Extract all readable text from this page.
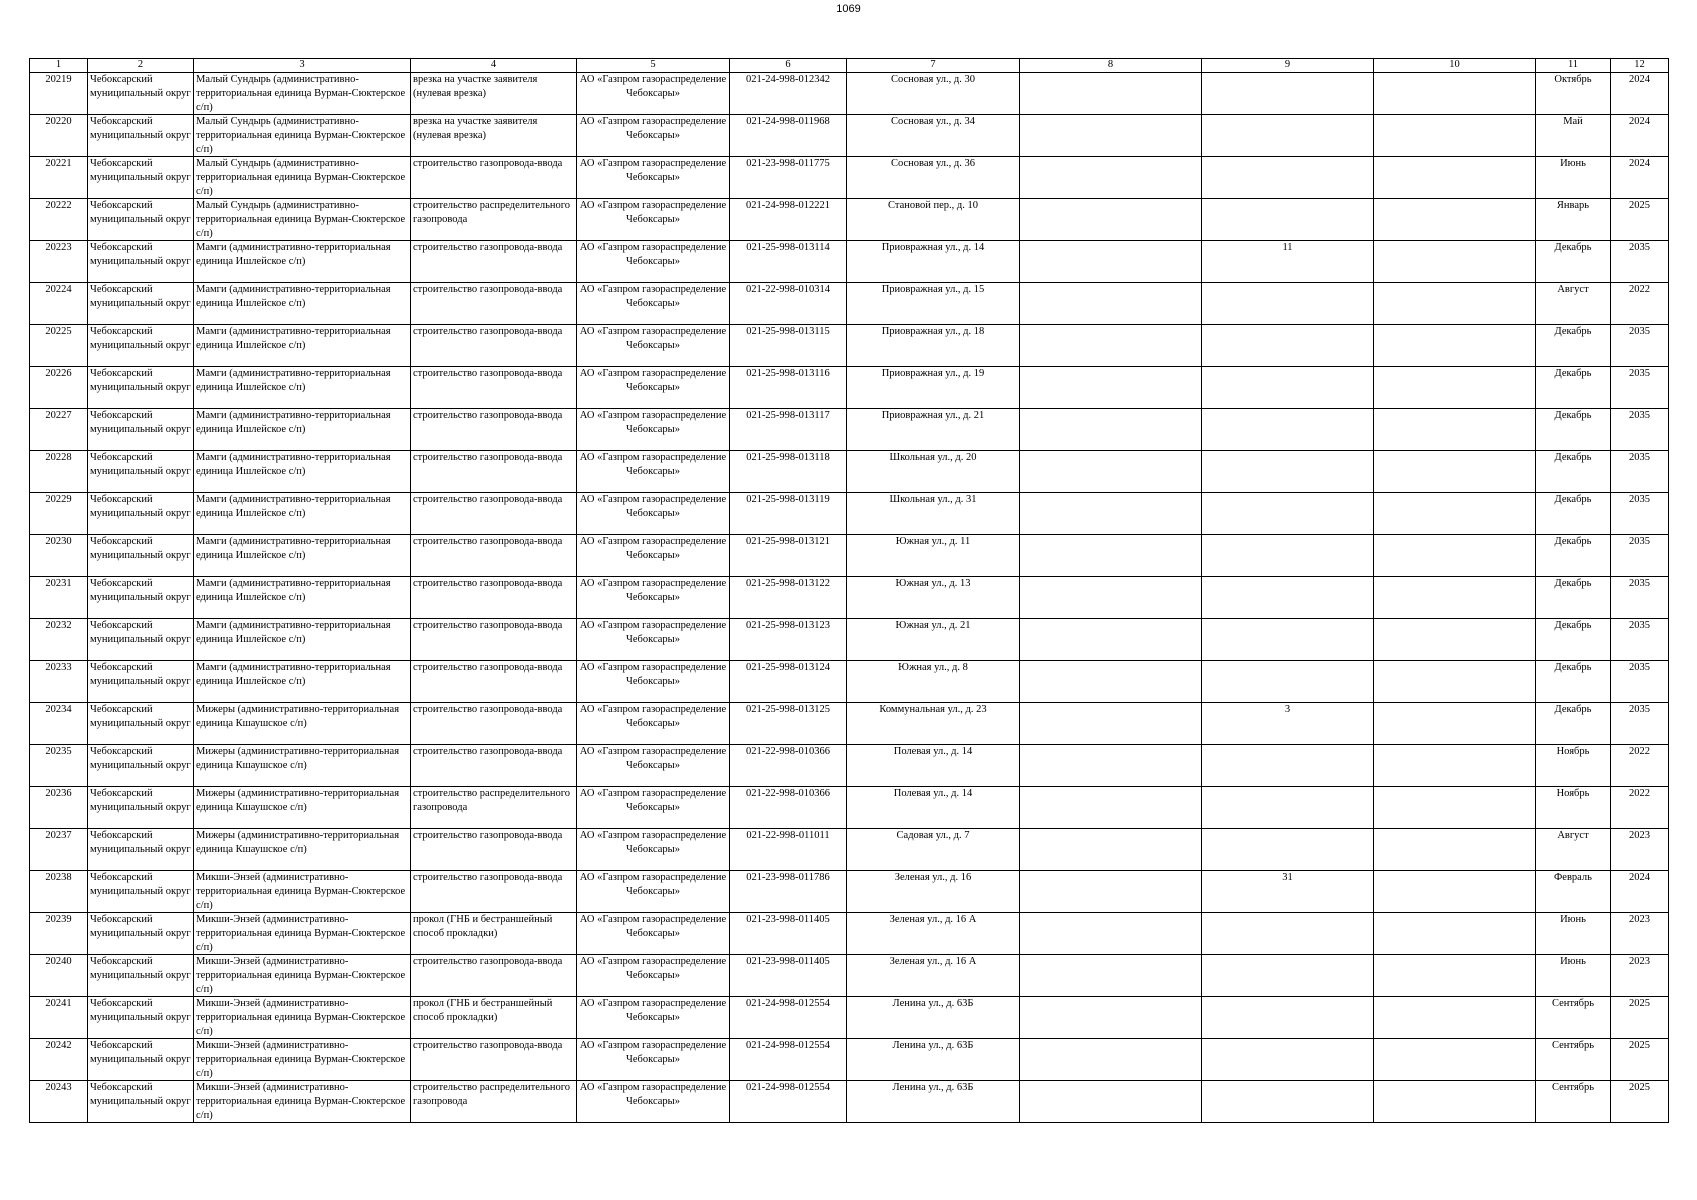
1069
1	2	3	4	5	6	7	8	9	10	11	12

20219	Чебоксарский муниципальный округ	Малый Сундырь (административно-территориальная единица Вурман-Сюктерское с/п)	врезка на участке заявителя (нулевая врезка)	АО «Газпром газораспределение Чебоксары»	021-24-998-012342	Сосновая ул., д. 30				Октябрь	2024

20220	Чебоксарский муниципальный округ	Малый Сундырь (административно-территориальная единица Вурман-Сюктерское с/п)	врезка на участке заявителя (нулевая врезка)	АО «Газпром газораспределение Чебоксары»	021-24-998-011968	Сосновая ул., д. 34				Май	2024

20221	Чебоксарский муниципальный округ	Малый Сундырь (административно-территориальная единица Вурман-Сюктерское с/п)	строительство газопровода-ввода	АО «Газпром газораспределение Чебоксары»	021-23-998-011775	Сосновая ул., д. 36				Июнь	2024

20222	Чебоксарский муниципальный округ	Малый Сундырь (административно-территориальная единица Вурман-Сюктерское с/п)	строительство распределительного газопровода	АО «Газпром газораспределение Чебоксары»	021-24-998-012221	Становой пер., д. 10				Январь	2025

20223	Чебоксарский муниципальный округ	Мамги (административно-территориальная единица Ишлейское с/п)	строительство газопровода-ввода	АО «Газпром газораспределение Чебоксары»	021-25-998-013114	Приовражная ул., д. 14		11		Декабрь	2035

20224	Чебоксарский муниципальный округ	Мамги (административно-территориальная единица Ишлейское с/п)	строительство газопровода-ввода	АО «Газпром газораспределение Чебоксары»	021-22-998-010314	Приовражная ул., д. 15				Август	2022

20225	Чебоксарский муниципальный округ	Мамги (административно-территориальная единица Ишлейское с/п)	строительство газопровода-ввода	АО «Газпром газораспределение Чебоксары»	021-25-998-013115	Приовражная ул., д. 18				Декабрь	2035

20226	Чебоксарский муниципальный округ	Мамги (административно-территориальная единица Ишлейское с/п)	строительство газопровода-ввода	АО «Газпром газораспределение Чебоксары»	021-25-998-013116	Приовражная ул., д. 19				Декабрь	2035

20227	Чебоксарский муниципальный округ	Мамги (административно-территориальная единица Ишлейское с/п)	строительство газопровода-ввода	АО «Газпром газораспределение Чебоксары»	021-25-998-013117	Приовражная ул., д. 21				Декабрь	2035

20228	Чебоксарский муниципальный округ	Мамги (административно-территориальная единица Ишлейское с/п)	строительство газопровода-ввода	АО «Газпром газораспределение Чебоксары»	021-25-998-013118	Школьная ул., д. 20				Декабрь	2035

20229	Чебоксарский муниципальный округ	Мамги (административно-территориальная единица Ишлейское с/п)	строительство газопровода-ввода	АО «Газпром газораспределение Чебоксары»	021-25-998-013119	Школьная ул., д. 31				Декабрь	2035

20230	Чебоксарский муниципальный округ	Мамги (административно-территориальная единица Ишлейское с/п)	строительство газопровода-ввода	АО «Газпром газораспределение Чебоксары»	021-25-998-013121	Южная ул., д. 11				Декабрь	2035

20231	Чебоксарский муниципальный округ	Мамги (административно-территориальная единица Ишлейское с/п)	строительство газопровода-ввода	АО «Газпром газораспределение Чебоксары»	021-25-998-013122	Южная ул., д. 13				Декабрь	2035

20232	Чебоксарский муниципальный округ	Мамги (административно-территориальная единица Ишлейское с/п)	строительство газопровода-ввода	АО «Газпром газораспределение Чебоксары»	021-25-998-013123	Южная ул., д. 21				Декабрь	2035

20233	Чебоксарский муниципальный округ	Мамги (административно-территориальная единица Ишлейское с/п)	строительство газопровода-ввода	АО «Газпром газораспределение Чебоксары»	021-25-998-013124	Южная ул., д. 8				Декабрь	2035

20234	Чебоксарский муниципальный округ	Мижеры (административно-территориальная единица Кшаушское с/п)	строительство газопровода-ввода	АО «Газпром газораспределение Чебоксары»	021-25-998-013125	Коммунальная ул., д. 23		3		Декабрь	2035

20235	Чебоксарский муниципальный округ	Мижеры (административно-территориальная единица Кшаушское с/п)	строительство газопровода-ввода	АО «Газпром газораспределение Чебоксары»	021-22-998-010366	Полевая ул., д. 14				Ноябрь	2022

20236	Чебоксарский муниципальный округ	Мижеры (административно-территориальная единица Кшаушское с/п)	строительство распределительного газопровода	АО «Газпром газораспределение Чебоксары»	021-22-998-010366	Полевая ул., д. 14				Ноябрь	2022

20237	Чебоксарский муниципальный округ	Мижеры (административно-территориальная единица Кшаушское с/п)	строительство газопровода-ввода	АО «Газпром газораспределение Чебоксары»	021-22-998-011011	Садовая ул., д. 7				Август	2023

20238	Чебоксарский муниципальный округ	Микши-Энзей (административно-территориальная единица Вурман-Сюктерское с/п)	строительство газопровода-ввода	АО «Газпром газораспределение Чебоксары»	021-23-998-011786	Зеленая ул., д. 16		31		Февраль	2024

20239	Чебоксарский муниципальный округ	Микши-Энзей (административно-территориальная единица Вурман-Сюктерское с/п)	прокол (ГНБ и бестраншейный способ прокладки)	АО «Газпром газораспределение Чебоксары»	021-23-998-011405	Зеленая ул., д. 16 А				Июнь	2023

20240	Чебоксарский муниципальный округ	Микши-Энзей (административно-территориальная единица Вурман-Сюктерское с/п)	строительство газопровода-ввода	АО «Газпром газораспределение Чебоксары»	021-23-998-011405	Зеленая ул., д. 16 А				Июнь	2023

20241	Чебоксарский муниципальный округ	Микши-Энзей (административно-территориальная единица Вурман-Сюктерское с/п)	прокол (ГНБ и бестраншейный способ прокладки)	АО «Газпром газораспределение Чебоксары»	021-24-998-012554	Ленина ул., д. 63Б				Сентябрь	2025

20242	Чебоксарский муниципальный округ	Микши-Энзей (административно-территориальная единица Вурман-Сюктерское с/п)	строительство газопровода-ввода	АО «Газпром газораспределение Чебоксары»	021-24-998-012554	Ленина ул., д. 63Б				Сентябрь	2025

20243	Чебоксарский муниципальный округ	Микши-Энзей (административно-территориальная единица Вурман-Сюктерское с/п)	строительство распределительного газопровода	АО «Газпром газораспределение Чебоксары»	021-24-998-012554	Ленина ул., д. 63Б				Сентябрь	2025
